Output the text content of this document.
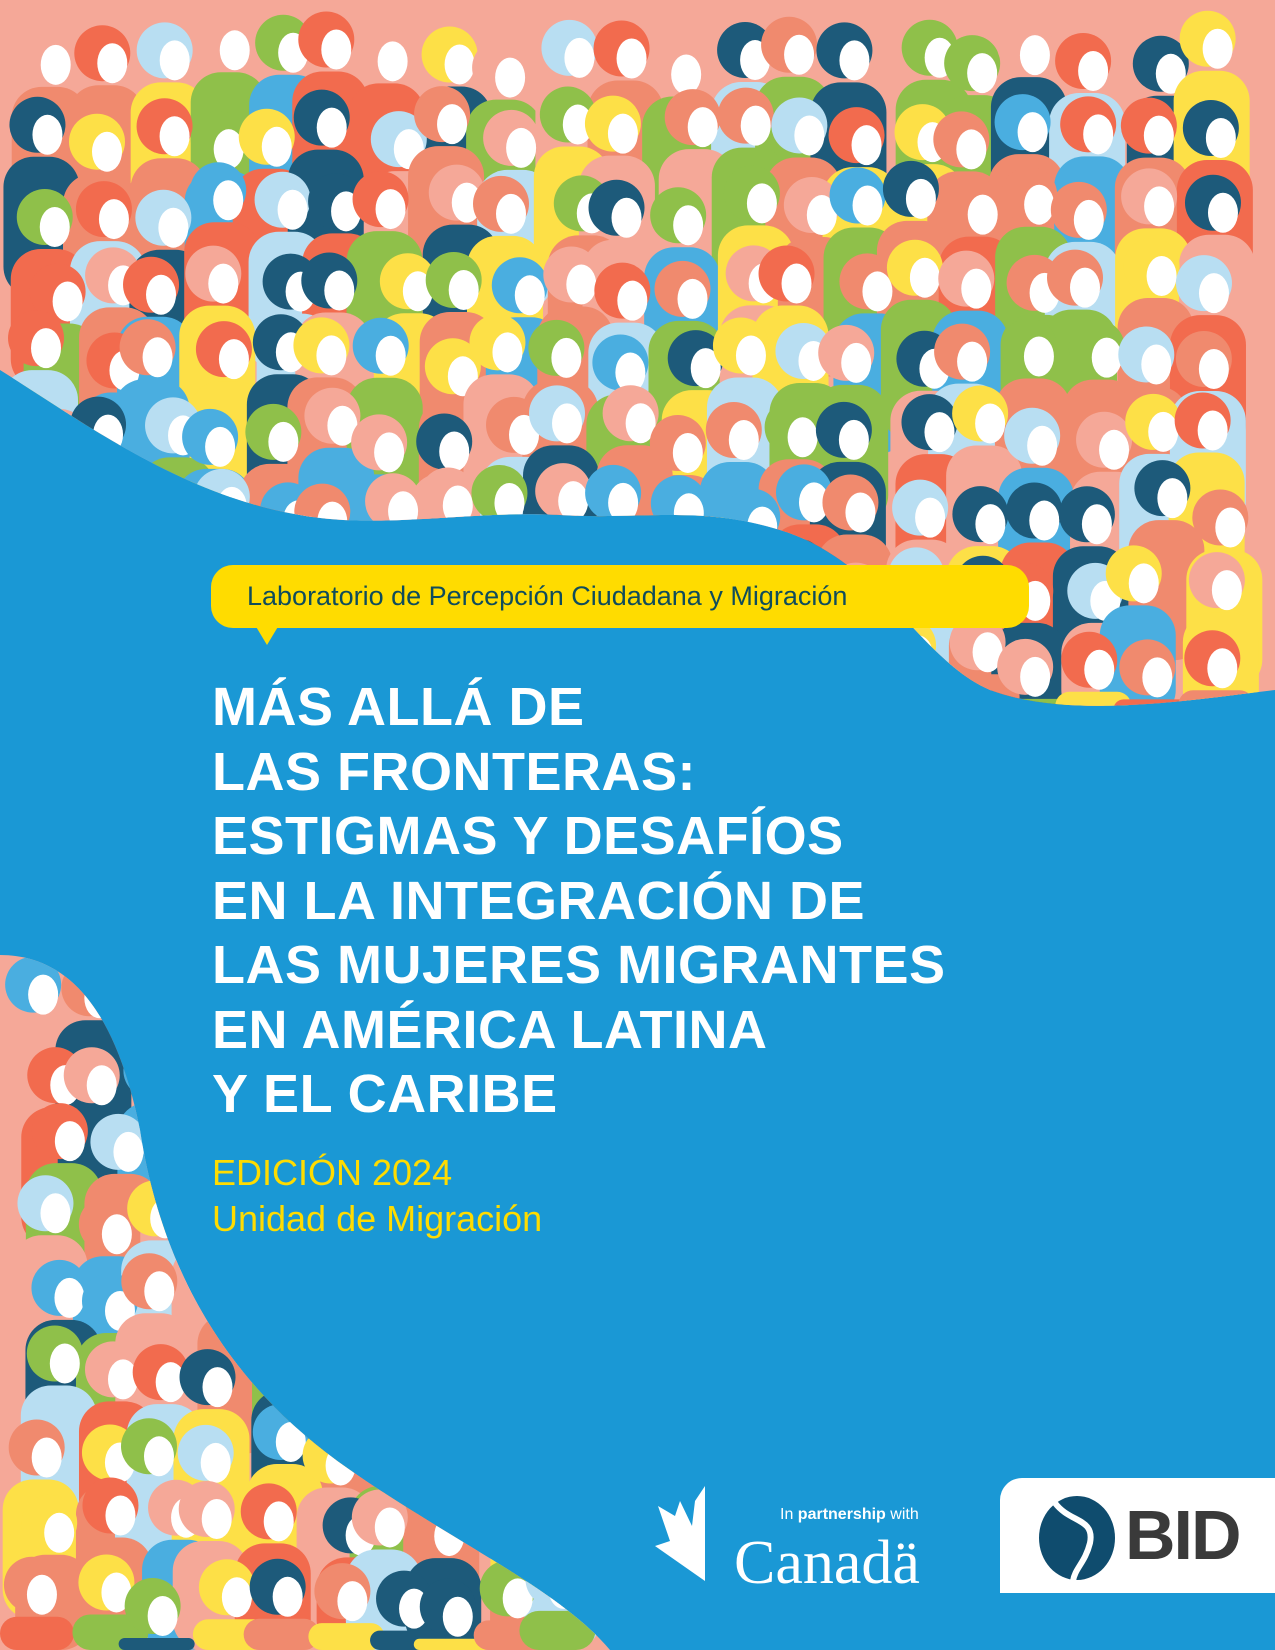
Laboratorio de Percepción Ciudadana y Migración
MÁS ALLÁ DE
LAS FRONTERAS:
ESTIGMAS Y DESAFÍOS
EN LA INTEGRACIÓN DE
LAS MUJERES MIGRANTES
EN AMÉRICA LATINA
Y EL CARIBE
EDICIÓN 2024
Unidad de Migración
In partnership with
Canadä	BID
